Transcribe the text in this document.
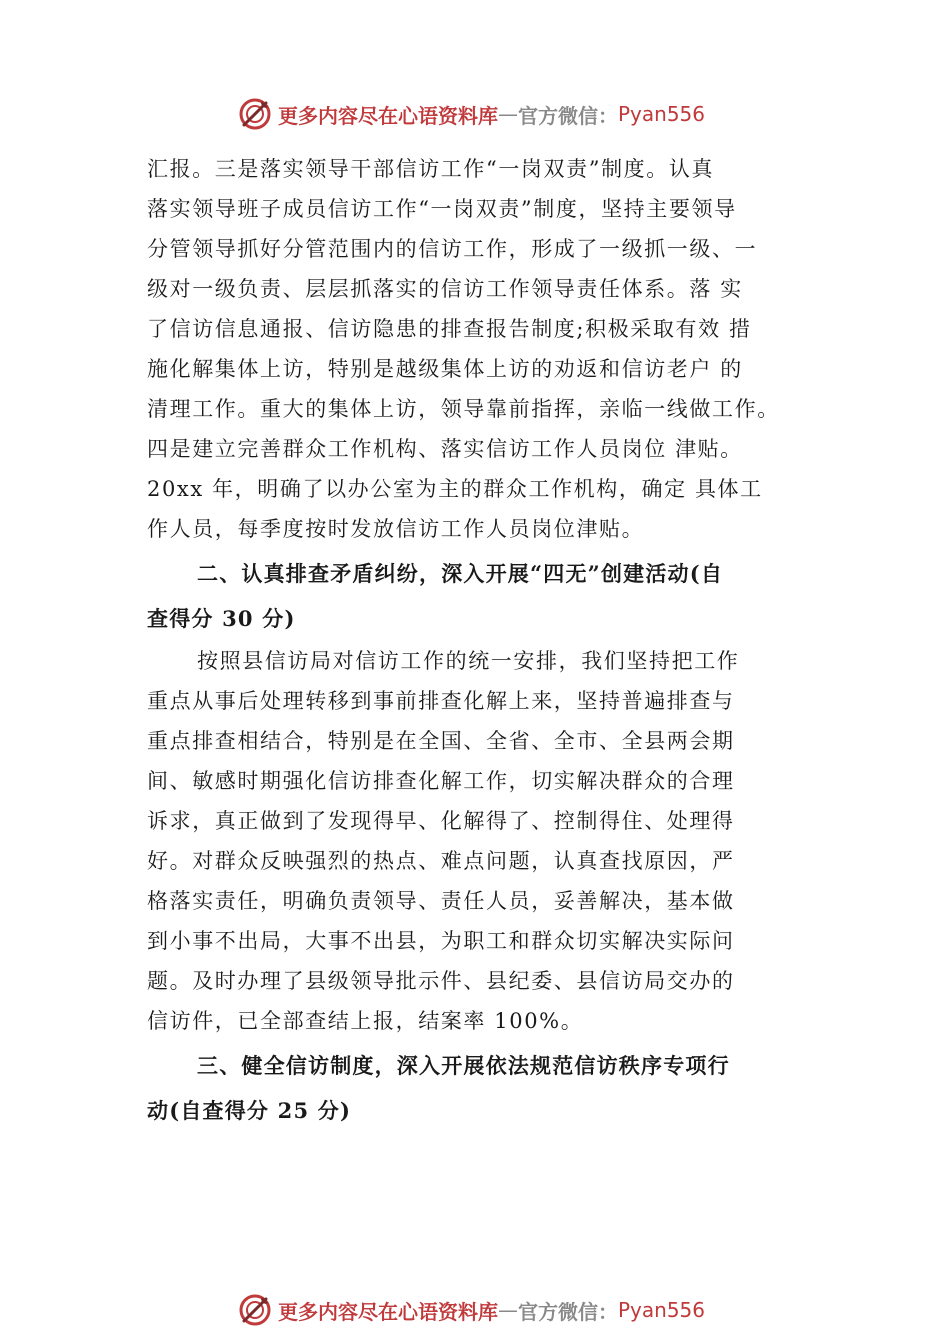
更多内容尽在心语资料库 — 官方微信： Pyan556
汇报。三是落实领导干部信访工作“一岗双责”制度。认真
落实领导班子成员信访工作“一岗双责”制度，坚持主要领导
分管领导抓好分管范围内的信访工作，形成了一级抓一级、一
级对一级负责、层层抓落实的信访工作领导责任体系。落 实
了信访信息通报、信访隐患的排查报告制度;积极采取有效 措
施化解集体上访，特别是越级集体上访的劝返和信访老户 的
清理工作。重大的集体上访，领导靠前指挥，亲临一线做工作。
四是建立完善群众工作机构、落实信访工作人员岗位 津贴。
20xx 年，明确了以办公室为主的群众工作机构，确定 具体工
作人员，每季度按时发放信访工作人员岗位津贴。
二、认真排查矛盾纠纷，深入开展“四无”创建活动(自
查得分 30 分)
按照县信访局对信访工作的统一安排，我们坚持把工作
重点从事后处理转移到事前排查化解上来，坚持普遍排查与
重点排查相结合，特别是在全国、全省、全市、全县两会期
间、敏感时期强化信访排查化解工作，切实解决群众的合理
诉求，真正做到了发现得早、化解得了、控制得住、处理得
好。对群众反映强烈的热点、难点问题，认真查找原因，严
格落实责任，明确负责领导、责任人员，妥善解决，基本做
到小事不出局，大事不出县，为职工和群众切实解决实际问
题。及时办理了县级领导批示件、县纪委、县信访局交办的
信访件，已全部查结上报，结案率 100%。
三、健全信访制度，深入开展依法规范信访秩序专项行
动(自查得分 25 分)
更多内容尽在心语资料库 — 官方微信： Pyan556
